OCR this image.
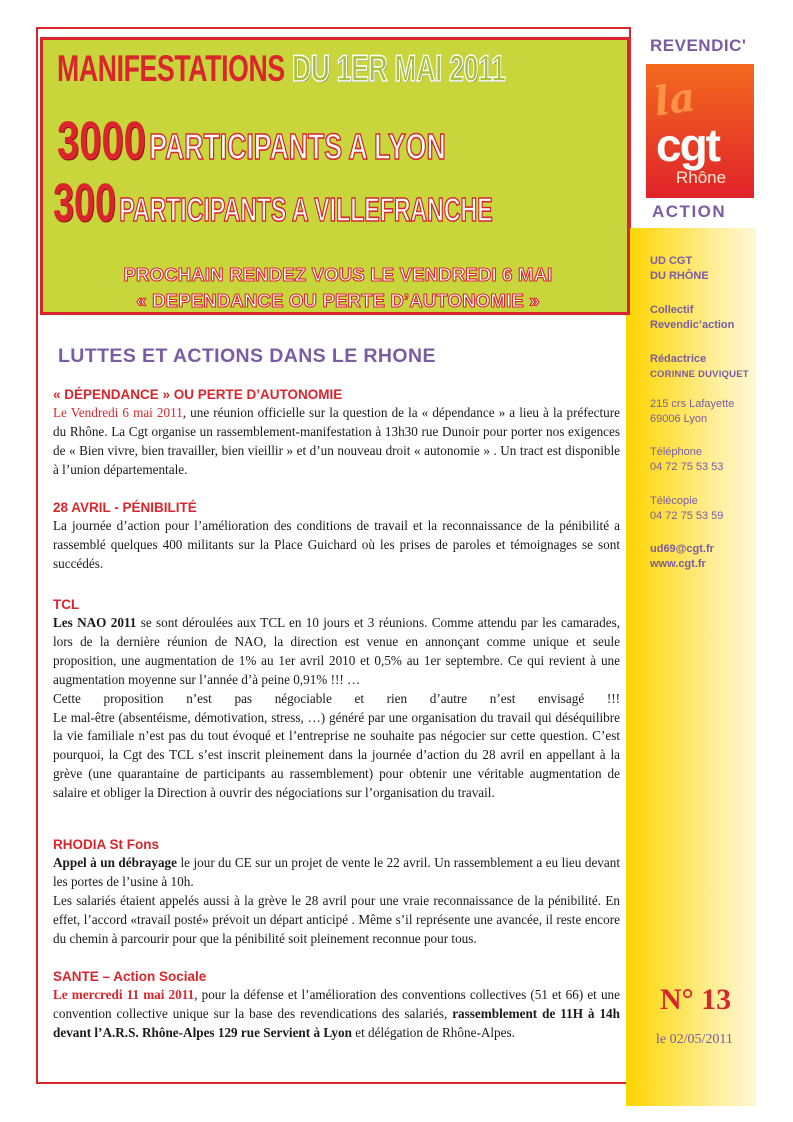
MANIFESTATIONS DU 1ER MAI 2011
3000 PARTICIPANTS A LYON
300 PARTICIPANTS A VILLEFRANCHE
PROCHAIN RENDEZ VOUS LE VENDREDI 6 MAI
« DEPENDANCE OU PERTE D’AUTONOMIE »
REVENDIC'
la
cgt
Rhône
ACTION
UD CGT
DU RHÔNE
Collectif
Revendic’action
Rédactrice
CORINNE DUVIQUET
215 crs Lafayette
69006 Lyon
Téléphone
04 72 75 53 53
Télécopie
04 72 75 53 59
ud69@cgt.fr
www.cgt.fr
N° 13
le 02/05/2011
LUTTES ET ACTIONS DANS LE RHONE
« DÉPENDANCE » OU PERTE D’AUTONOMIE

Le Vendredi 6 mai 2011, une réunion officielle sur la question de la « dépendance » a lieu à la préfecture du Rhône. La Cgt organise un rassemblement-manifestation à 13h30 rue Dunoir pour porter nos exigences de « Bien vivre, bien travailler, bien vieillir » et d’un nouveau droit « autonomie » . Un tract est disponible à l’union départementale.

28 AVRIL - PÉNIBILITÉ

La journée d’action pour l’amélioration des conditions de travail et la reconnaissance de la pénibilité a rassemblé quelques 400 militants sur la Place Guichard où les prises de paroles et témoignages se sont succédés.

TCL

Les NAO 2011 se sont déroulées aux TCL en 10 jours et 3 réunions. Comme attendu par les camarades, lors de la dernière réunion de NAO, la direction est venue en annonçant comme unique et seule proposition, une augmentation de 1% au 1er avril 2010 et 0,5% au 1er septembre. Ce qui revient à une augmentation moyenne sur l’année d’à peine 0,91% !!! …

Cette proposition n’est pas négociable et rien d’autre n’est envisagé !!!

Le mal-être (absentéisme, démotivation, stress, …) généré par une organisation du travail qui déséquilibre la vie familiale n’est pas du tout évoqué et l’entreprise ne souhaite pas négocier sur cette question. C’est pourquoi, la Cgt des TCL s’est inscrit pleinement dans la journée d’action du 28 avril en appellant à la grève (une quarantaine de participants au rassemblement) pour obtenir une véritable augmentation de salaire et obliger la Direction à ouvrir des négociations sur l’organisation du travail.

RHODIA St Fons

Appel à un débrayage le jour du CE sur un projet de vente le 22 avril. Un rassemblement a eu lieu devant les portes de l’usine à 10h.

Les salariés étaient appelés aussi à la grève le 28 avril pour une vraie reconnaissance de la pénibilité. En effet, l’accord «travail posté» prévoit un départ anticipé . Même s’il représente une avancée, il reste encore du chemin à parcourir pour que la pénibilité soit pleinement reconnue pour tous.

SANTE – Action Sociale

Le mercredi 11 mai 2011, pour la défense et l’amélioration des conventions collectives (51 et 66) et une convention collective unique sur la base des revendications des salariés, rassemblement de 11H à 14h devant l’A.R.S. Rhône-Alpes 129 rue Servient à Lyon et délégation de Rhône-Alpes.
